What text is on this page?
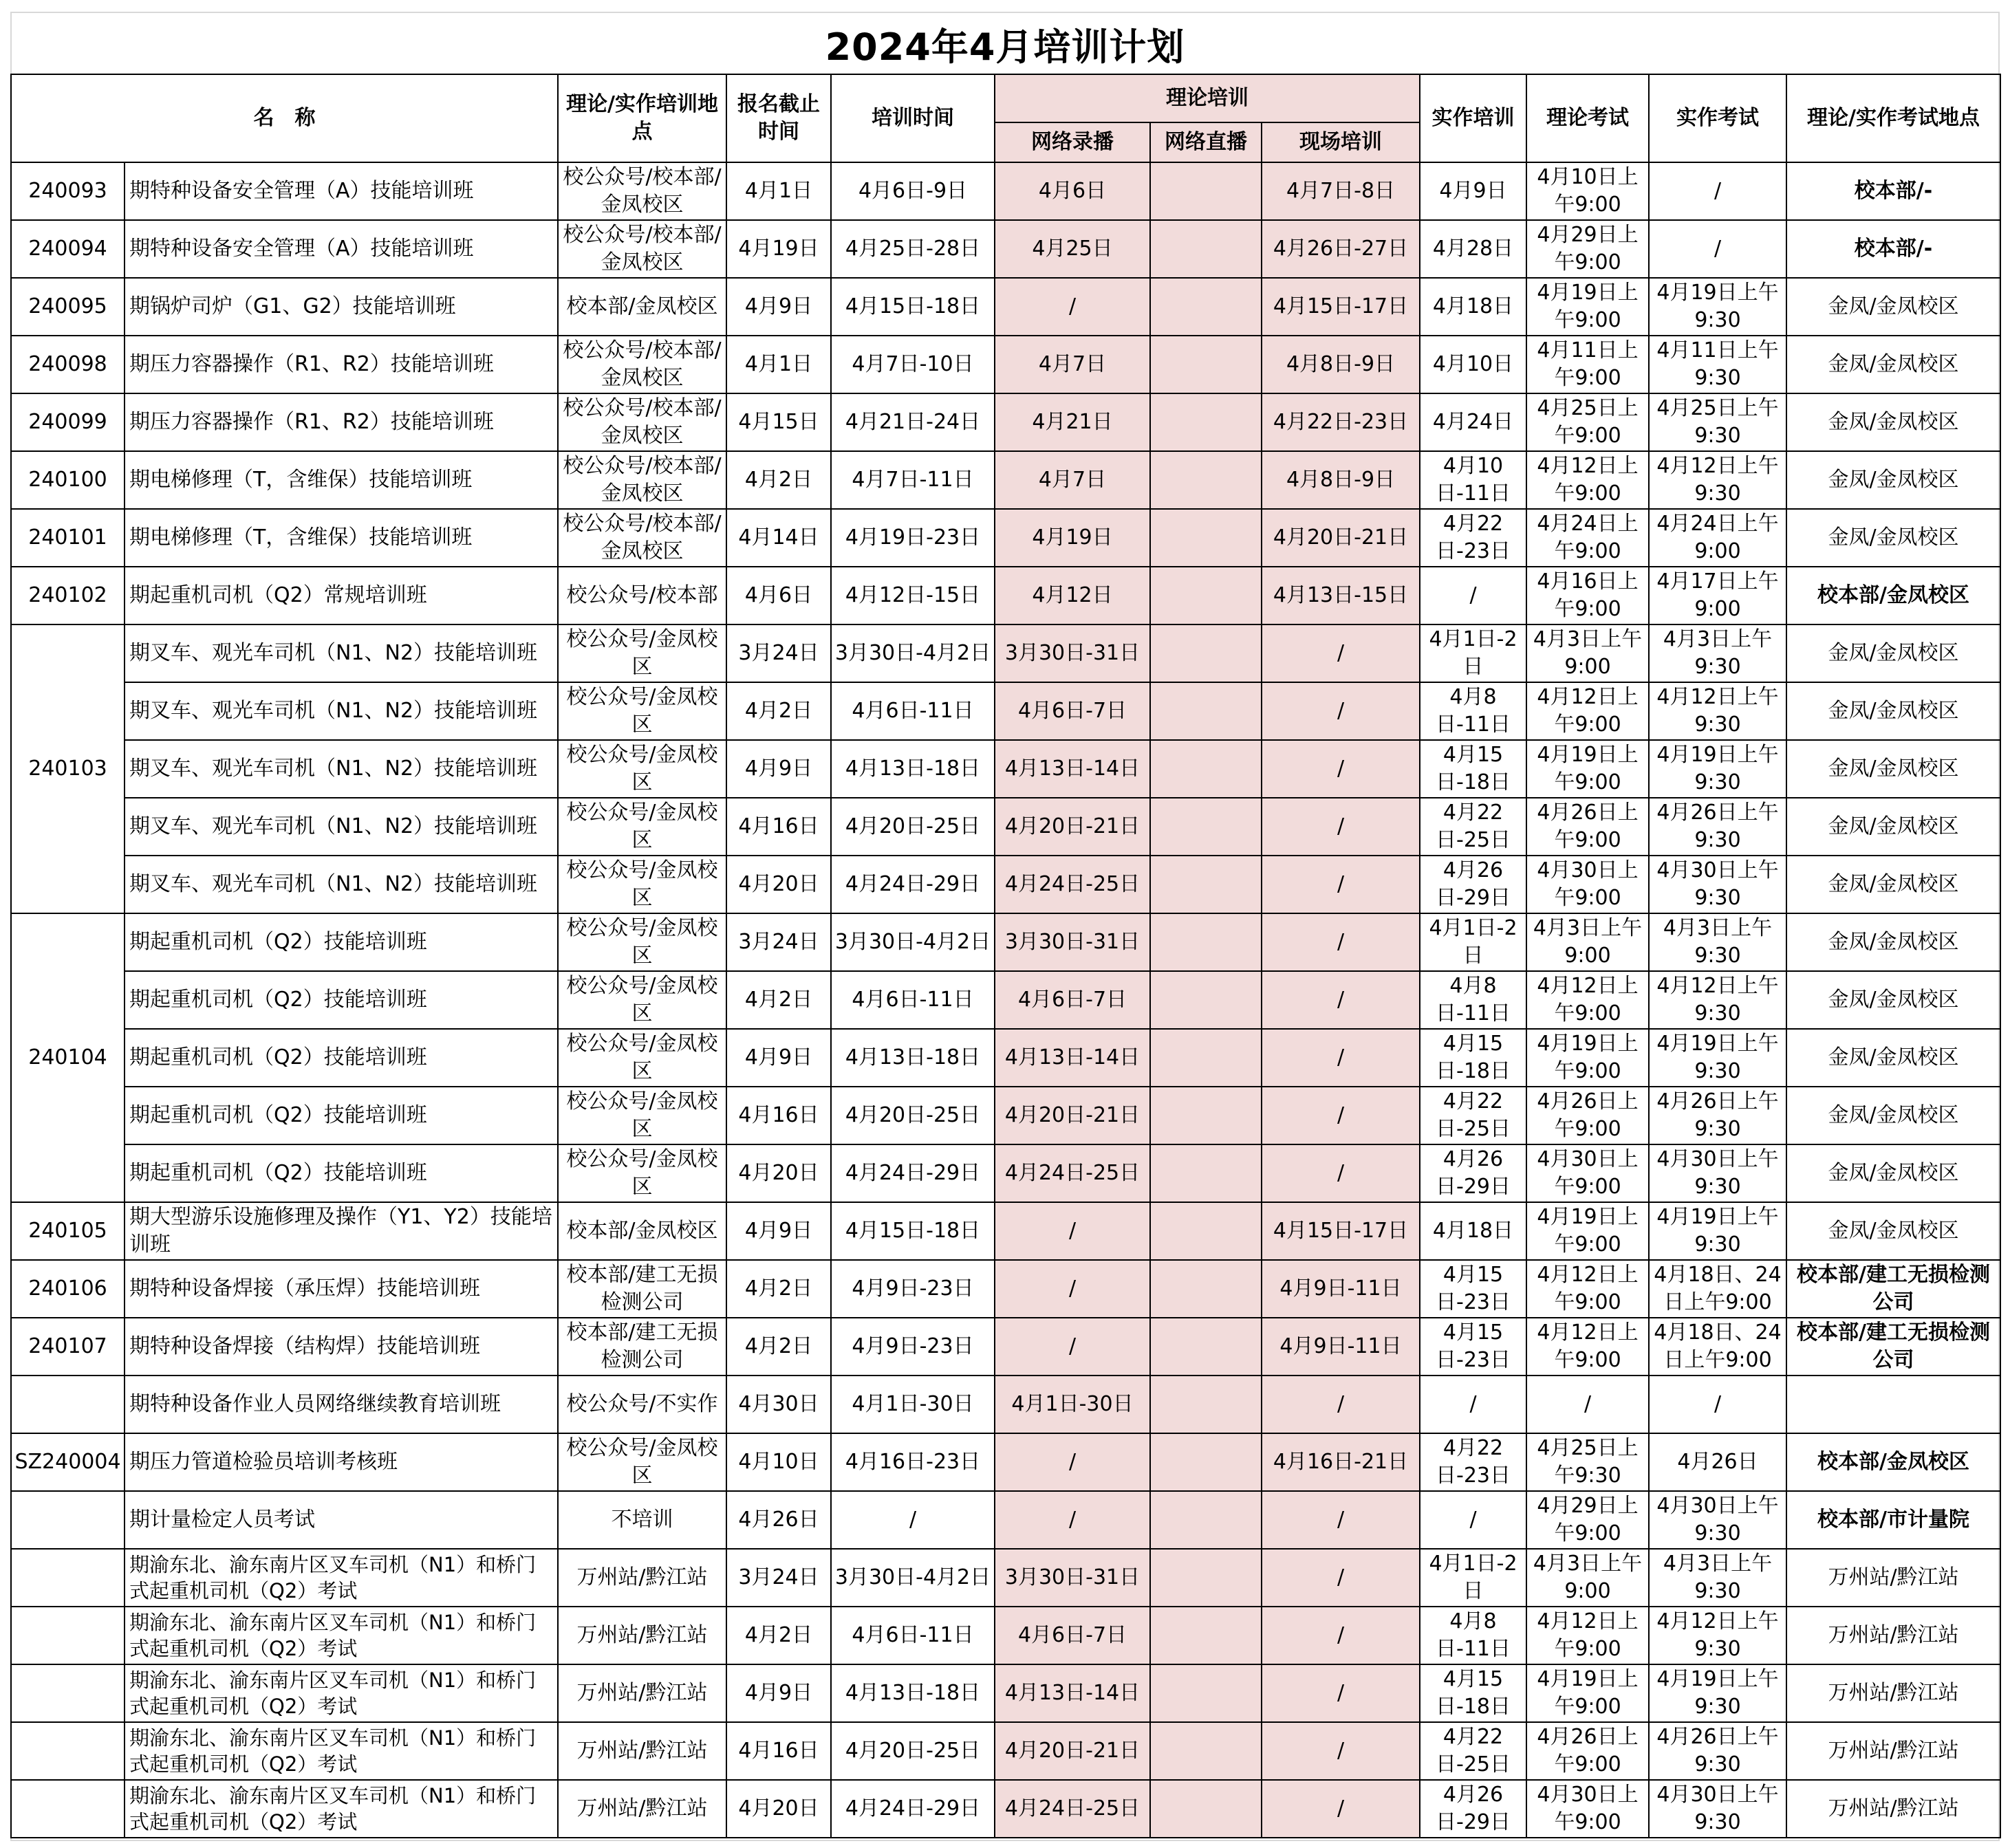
2024年4月培训计划
名　称		理论/实作培训地点	报名截止时间	培训时间	理论培训			实作培训	理论考试	实作考试	理论/实作考试地点
					网络录播	网络直播	现场培训				
240093	期特种设备安全管理（A）技能培训班	校公众号/校本部/金凤校区	4月1日	4月6日-9日	4月6日		4月7日-8日	4月9日	4月10日上午9:00	/	校本部/-
240094	期特种设备安全管理（A）技能培训班	校公众号/校本部/金凤校区	4月19日	4月25日-28日	4月25日		4月26日-27日	4月28日	4月29日上午9:00	/	校本部/-
240095	期锅炉司炉（G1、G2）技能培训班	校本部/金凤校区	4月9日	4月15日-18日	/		4月15日-17日	4月18日	4月19日上午9:00	4月19日上午9:30	金凤/金凤校区
240098	期压力容器操作（R1、R2）技能培训班	校公众号/校本部/金凤校区	4月1日	4月7日-10日	4月7日		4月8日-9日	4月10日	4月11日上午9:00	4月11日上午9:30	金凤/金凤校区
240099	期压力容器操作（R1、R2）技能培训班	校公众号/校本部/金凤校区	4月15日	4月21日-24日	4月21日		4月22日-23日	4月24日	4月25日上午9:00	4月25日上午9:30	金凤/金凤校区
240100	期电梯修理（T，含维保）技能培训班	校公众号/校本部/金凤校区	4月2日	4月7日-11日	4月7日		4月8日-9日	4月10日-11日	4月12日上午9:00	4月12日上午9:30	金凤/金凤校区
240101	期电梯修理（T，含维保）技能培训班	校公众号/校本部/金凤校区	4月14日	4月19日-23日	4月19日		4月20日-21日	4月22日-23日	4月24日上午9:00	4月24日上午9:00	金凤/金凤校区
240102	期起重机司机（Q2）常规培训班	校公众号/校本部	4月6日	4月12日-15日	4月12日		4月13日-15日	/	4月16日上午9:00	4月17日上午9:00	校本部/金凤校区
240103	期叉车、观光车司机（N1、N2）技能培训班	校公众号/金凤校区	3月24日	3月30日-4月2日	3月30日-31日		/	4月1日-2日	4月3日上午9:00	4月3日上午9:30	金凤/金凤校区
	期叉车、观光车司机（N1、N2）技能培训班	校公众号/金凤校区	4月2日	4月6日-11日	4月6日-7日		/	4月8日-11日	4月12日上午9:00	4月12日上午9:30	金凤/金凤校区
	期叉车、观光车司机（N1、N2）技能培训班	校公众号/金凤校区	4月9日	4月13日-18日	4月13日-14日		/	4月15日-18日	4月19日上午9:00	4月19日上午9:30	金凤/金凤校区
	期叉车、观光车司机（N1、N2）技能培训班	校公众号/金凤校区	4月16日	4月20日-25日	4月20日-21日		/	4月22日-25日	4月26日上午9:00	4月26日上午9:30	金凤/金凤校区
	期叉车、观光车司机（N1、N2）技能培训班	校公众号/金凤校区	4月20日	4月24日-29日	4月24日-25日		/	4月26日-29日	4月30日上午9:00	4月30日上午9:30	金凤/金凤校区
240104	期起重机司机（Q2）技能培训班	校公众号/金凤校区	3月24日	3月30日-4月2日	3月30日-31日		/	4月1日-2日	4月3日上午9:00	4月3日上午9:30	金凤/金凤校区
	期起重机司机（Q2）技能培训班	校公众号/金凤校区	4月2日	4月6日-11日	4月6日-7日		/	4月8日-11日	4月12日上午9:00	4月12日上午9:30	金凤/金凤校区
	期起重机司机（Q2）技能培训班	校公众号/金凤校区	4月9日	4月13日-18日	4月13日-14日		/	4月15日-18日	4月19日上午9:00	4月19日上午9:30	金凤/金凤校区
	期起重机司机（Q2）技能培训班	校公众号/金凤校区	4月16日	4月20日-25日	4月20日-21日		/	4月22日-25日	4月26日上午9:00	4月26日上午9:30	金凤/金凤校区
	期起重机司机（Q2）技能培训班	校公众号/金凤校区	4月20日	4月24日-29日	4月24日-25日		/	4月26日-29日	4月30日上午9:00	4月30日上午9:30	金凤/金凤校区
240105	期大型游乐设施修理及操作（Y1、Y2）技能培训班	校本部/金凤校区	4月9日	4月15日-18日	/		4月15日-17日	4月18日	4月19日上午9:00	4月19日上午9:30	金凤/金凤校区
240106	期特种设备焊接（承压焊）技能培训班	校本部/建工无损检测公司	4月2日	4月9日-23日	/		4月9日-11日	4月15日-23日	4月12日上午9:00	4月18日、24日上午9:00	校本部/建工无损检测公司
240107	期特种设备焊接（结构焊）技能培训班	校本部/建工无损检测公司	4月2日	4月9日-23日	/		4月9日-11日	4月15日-23日	4月12日上午9:00	4月18日、24日上午9:00	校本部/建工无损检测公司
	期特种设备作业人员网络继续教育培训班	校公众号/不实作	4月30日	4月1日-30日	4月1日-30日		/	/	/	/	
SZ240004	期压力管道检验员培训考核班	校公众号/金凤校区	4月10日	4月16日-23日	/		4月16日-21日	4月22日-23日	4月25日上午9:30	4月26日	校本部/金凤校区
	期计量检定人员考试	不培训	4月26日	/	/		/	/	4月29日上午9:00	4月30日上午9:30	校本部/市计量院
	期渝东北、渝东南片区叉车司机（N1）和桥门式起重机司机（Q2）考试	万州站/黔江站	3月24日	3月30日-4月2日	3月30日-31日		/	4月1日-2日	4月3日上午9:00	4月3日上午9:30	万州站/黔江站
	期渝东北、渝东南片区叉车司机（N1）和桥门式起重机司机（Q2）考试	万州站/黔江站	4月2日	4月6日-11日	4月6日-7日		/	4月8日-11日	4月12日上午9:00	4月12日上午9:30	万州站/黔江站
	期渝东北、渝东南片区叉车司机（N1）和桥门式起重机司机（Q2）考试	万州站/黔江站	4月9日	4月13日-18日	4月13日-14日		/	4月15日-18日	4月19日上午9:00	4月19日上午9:30	万州站/黔江站
	期渝东北、渝东南片区叉车司机（N1）和桥门式起重机司机（Q2）考试	万州站/黔江站	4月16日	4月20日-25日	4月20日-21日		/	4月22日-25日	4月26日上午9:00	4月26日上午9:30	万州站/黔江站
	期渝东北、渝东南片区叉车司机（N1）和桥门式起重机司机（Q2）考试	万州站/黔江站	4月20日	4月24日-29日	4月24日-25日		/	4月26日-29日	4月30日上午9:00	4月30日上午9:30	万州站/黔江站
